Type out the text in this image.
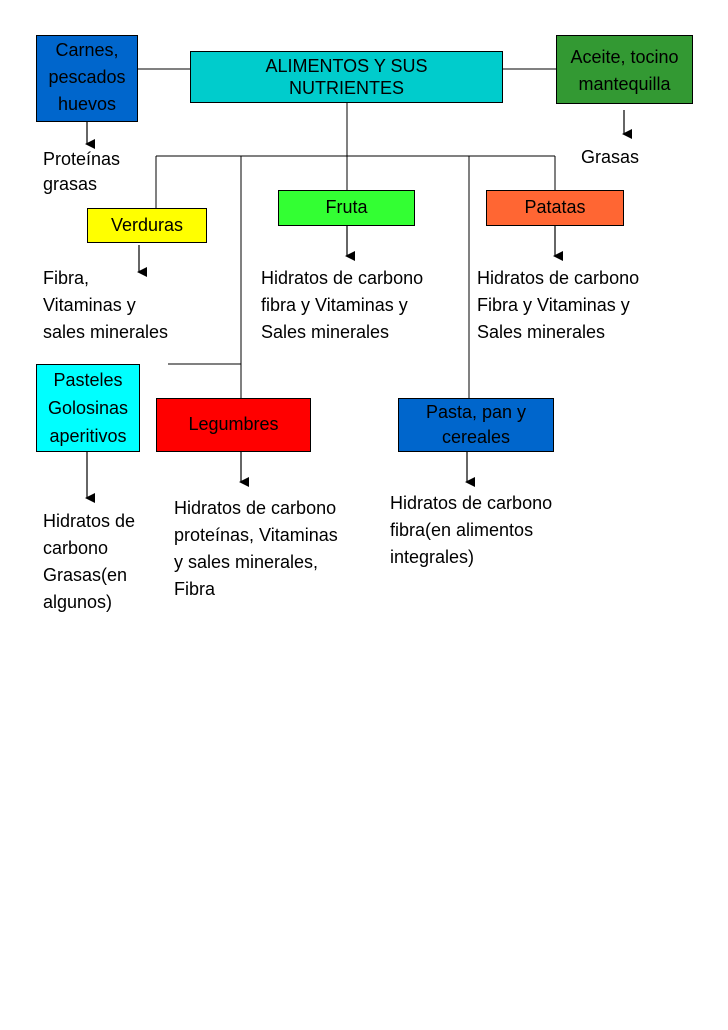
ALIMENTOS Y SUS
NUTRIENTES
Carnes,
pescados
huevos
Aceite, tocino
mantequilla
Verduras
Fruta	Patatas
Pasteles
Golosinas
aperitivos
Legumbres
Pasta, pan y
cereales
Proteínas
grasas
Grasas
Fibra,
Vitaminas y
sales minerales
Hidratos de carbono
fibra y Vitaminas y
Sales minerales
Hidratos de carbono
Fibra y Vitaminas y
Sales minerales
Hidratos de
carbono
Grasas(en
algunos)
Hidratos de carbono
proteínas, Vitaminas
y sales minerales,
Fibra
Hidratos de carbono
fibra(en alimentos
integrales)
